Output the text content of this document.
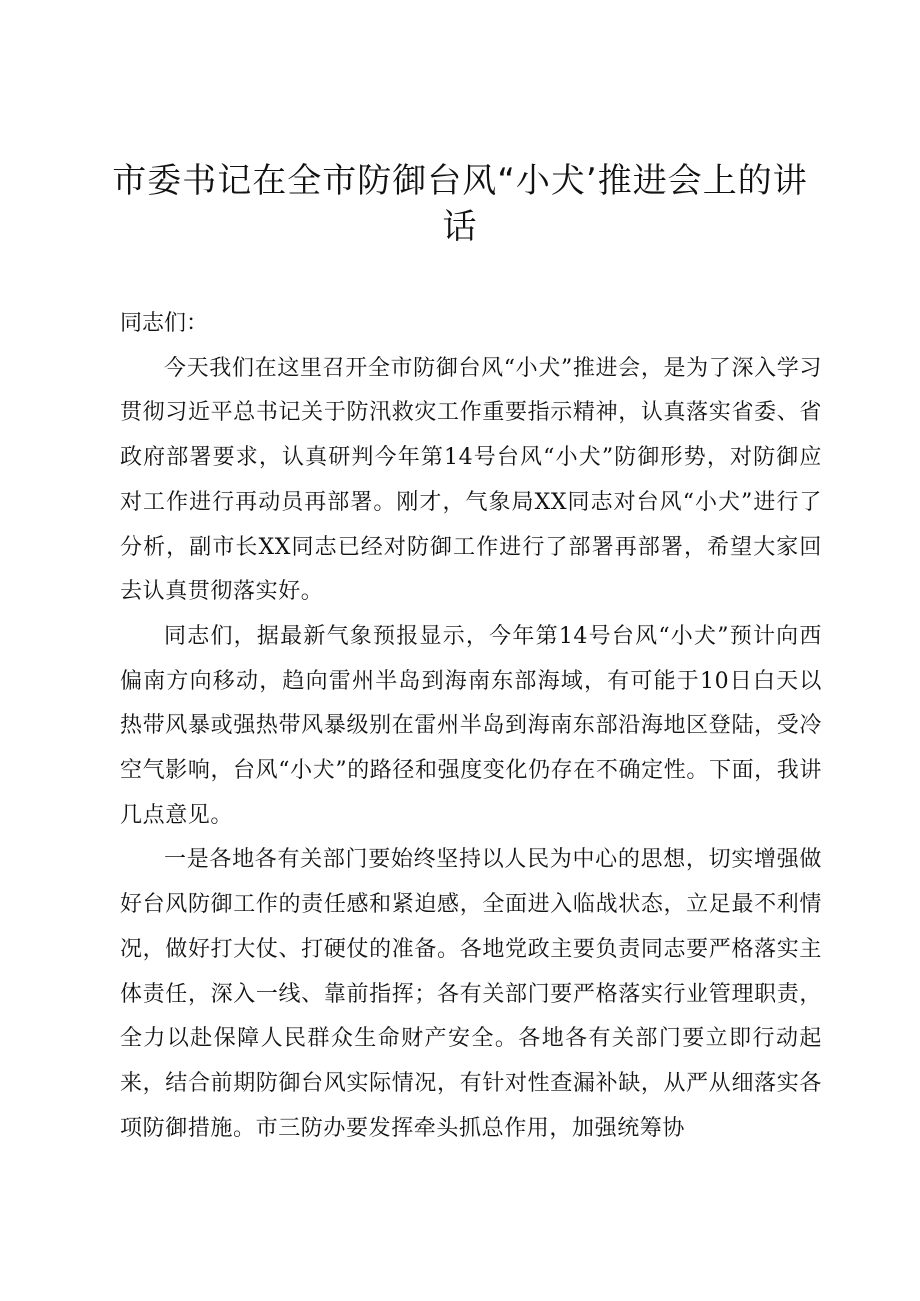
市委书记在全市防御台风“小犬’推进会上的讲话

同志们：

今天我们在这里召开全市防御台风“小犬”推进会，是为了深入学习贯彻习近平总书记关于防汛救灾工作重要指示精神，认真落实省委、省政府部署要求，认真研判今年第14号台风“小犬”防御形势，对防御应对工作进行再动员再部署。刚才，气象局XX同志对台风“小犬”进行了分析，副市长XX同志已经对防御工作进行了部署再部署，希望大家回去认真贯彻落实好。

同志们，据最新气象预报显示，今年第14号台风“小犬”预计向西偏南方向移动，趋向雷州半岛到海南东部海域，有可能于10日白天以热带风暴或强热带风暴级别在雷州半岛到海南东部沿海地区登陆，受冷空气影响，台风“小犬”的路径和强度变化仍存在不确定性。下面，我讲几点意见。

一是各地各有关部门要始终坚持以人民为中心的思想，切实增强做好台风防御工作的责任感和紧迫感，全面进入临战状态，立足最不利情况，做好打大仗、打硬仗的准备。各地党政主要负责同志要严格落实主体责任，深入一线、靠前指挥；各有关部门要严格落实行业管理职责，全力以赴保障人民群众生命财产安全。各地各有关部门要立即行动起来，结合前期防御台风实际情况，有针对性查漏补缺，从严从细落实各项防御措施。市三防办要发挥牵头抓总作用，加强统筹协
